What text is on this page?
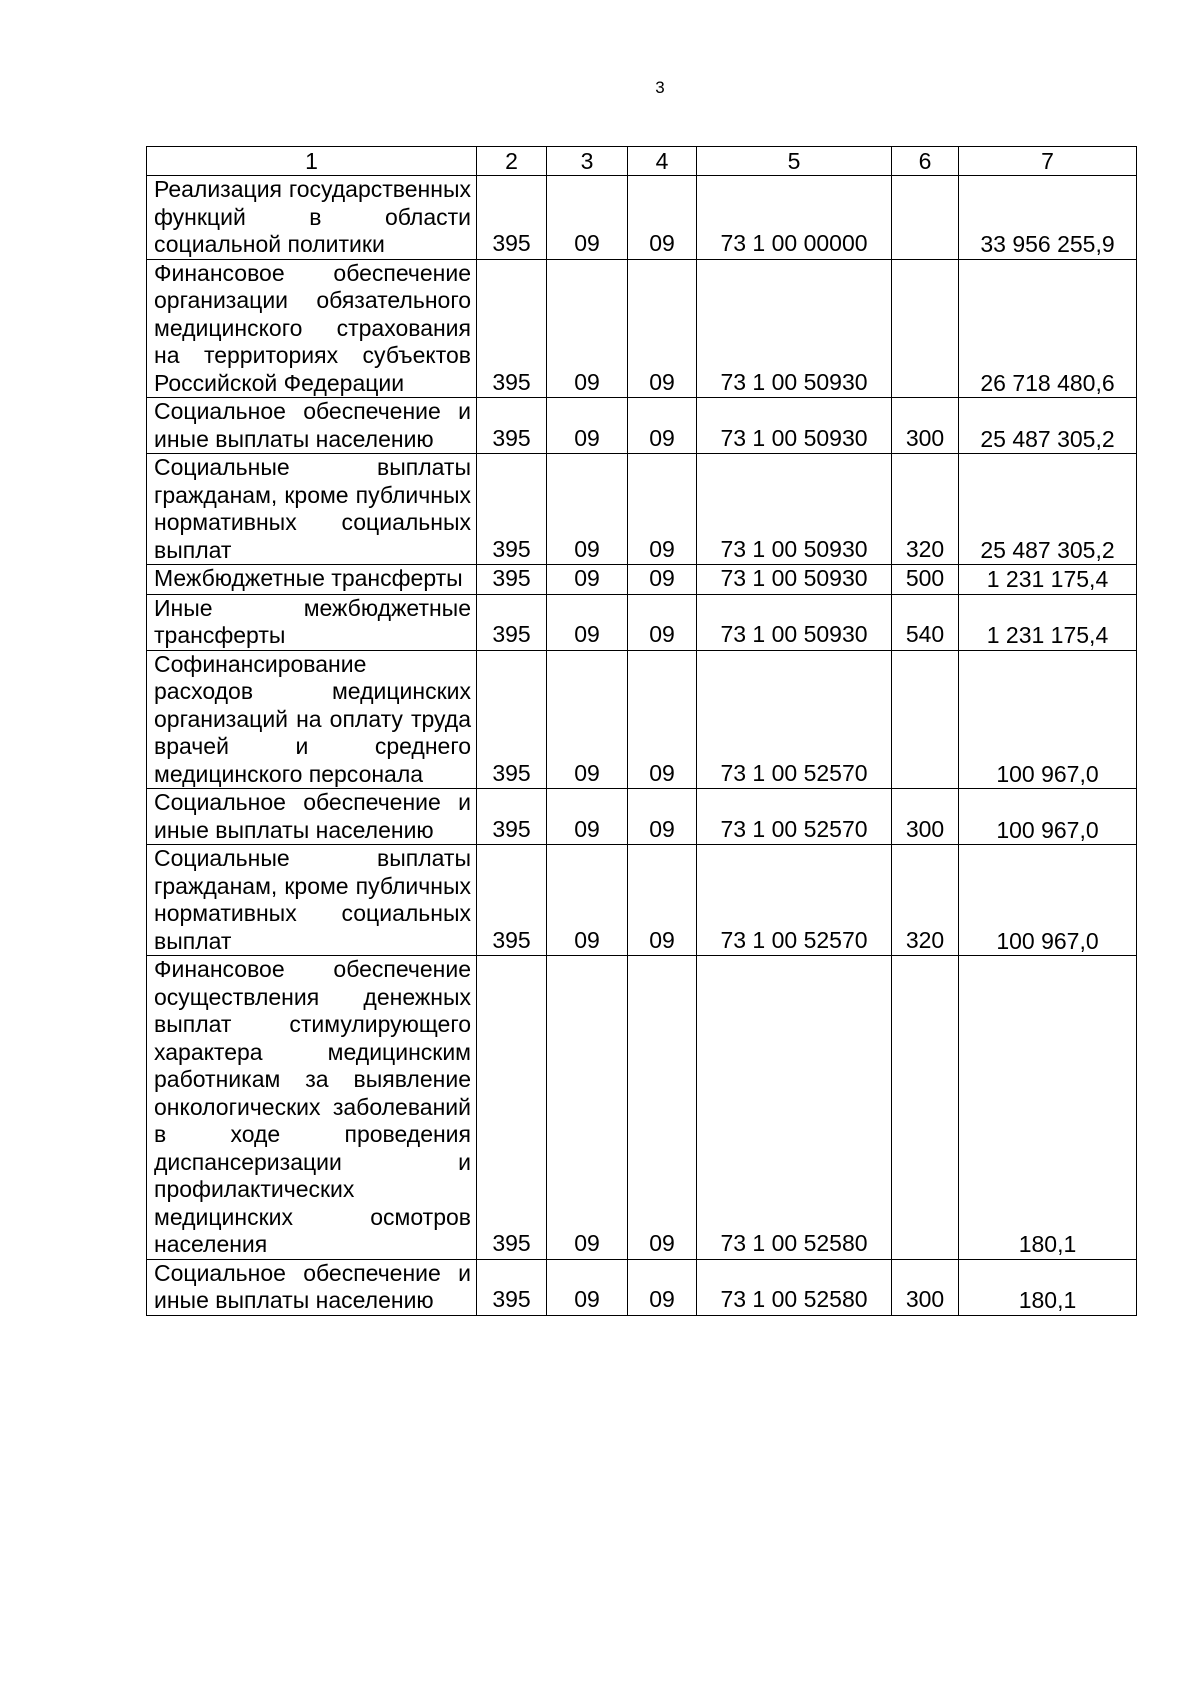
3
1	2	3	4	5	6	7
Реализация государственных функций в области социальной политики	395	09	09	73 1 00 00000		33 956 255,9
Финансовое обеспечение организации обязательного медицинского страхования на территориях субъектов Российской Федерации	395	09	09	73 1 00 50930		26 718 480,6
Социальное обеспечение и иные выплаты населению	395	09	09	73 1 00 50930	300	25 487 305,2
Социальные выплаты гражданам, кроме публичных нормативных социальных выплат	395	09	09	73 1 00 50930	320	25 487 305,2
Межбюджетные трансферты	395	09	09	73 1 00 50930	500	1 231 175,4
Иные межбюджетные трансферты	395	09	09	73 1 00 50930	540	1 231 175,4
Софинансирование расходов медицинских организаций на оплату труда врачей и среднего медицинского персонала	395	09	09	73 1 00 52570		100 967,0
Социальное обеспечение и иные выплаты населению	395	09	09	73 1 00 52570	300	100 967,0
Социальные выплаты гражданам, кроме публичных нормативных социальных выплат	395	09	09	73 1 00 52570	320	100 967,0
Финансовое обеспечение осуществления денежных выплат стимулирующего характера медицинским работникам за выявление онкологических заболеваний в ходе проведения диспансеризации и профилактических медицинских осмотров населения	395	09	09	73 1 00 52580		180,1
Социальное обеспечение и иные выплаты населению	395	09	09	73 1 00 52580	300	180,1
